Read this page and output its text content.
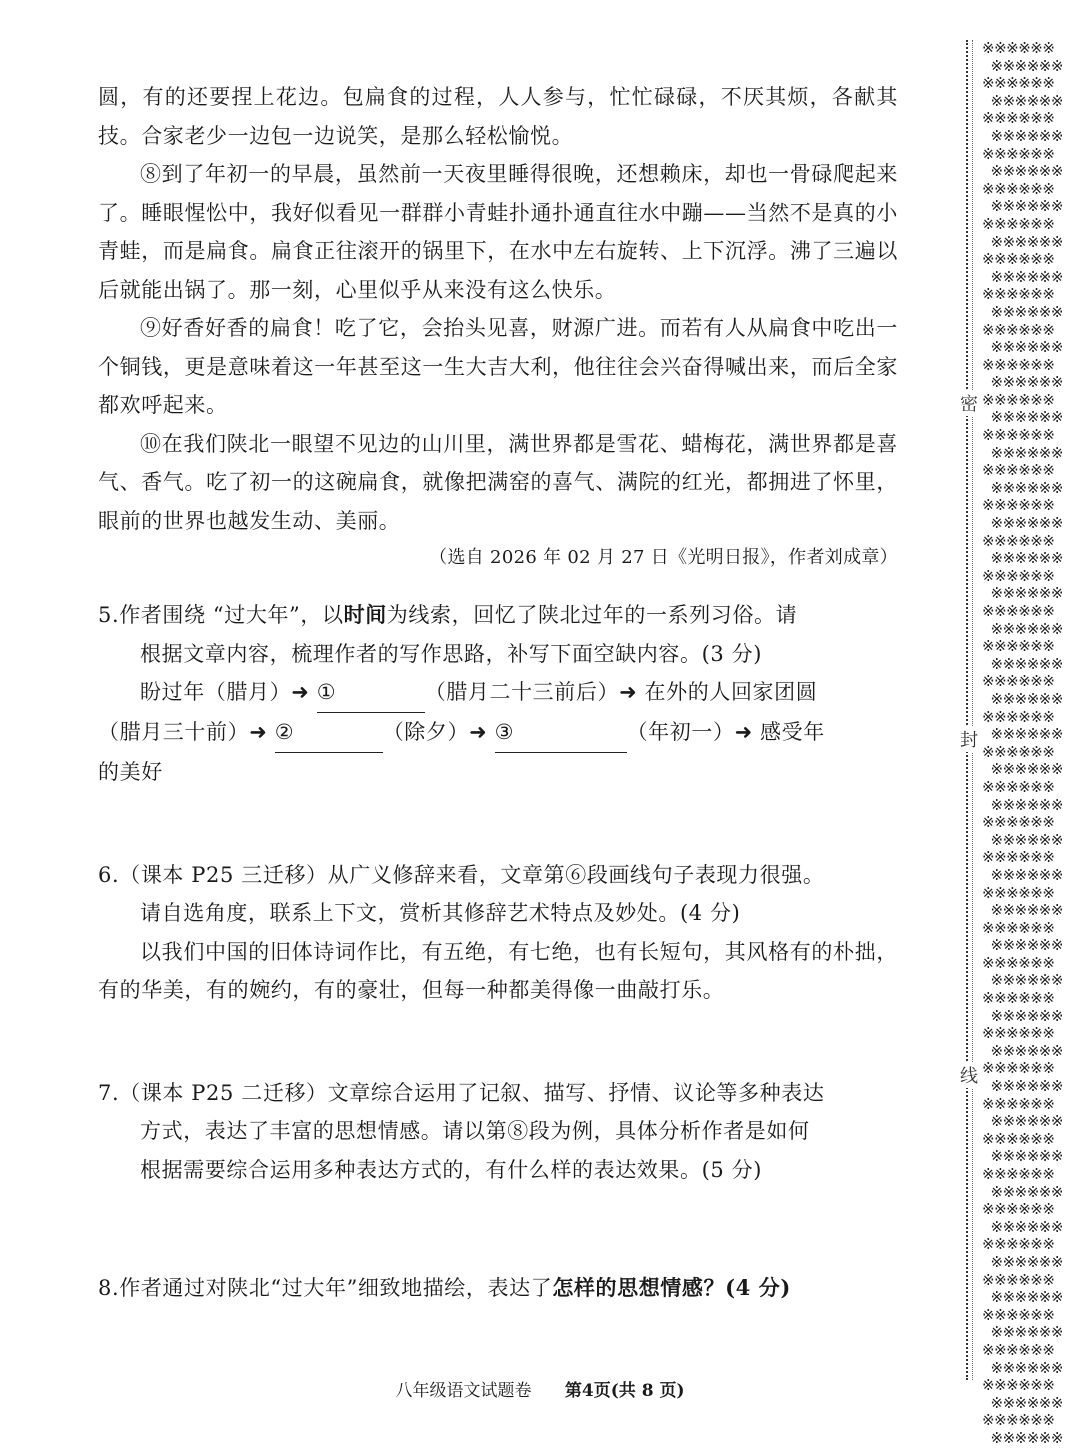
圆，有的还要捏上花边。包扁食的过程，人人参与，忙忙碌碌，不厌其烦，各献其技。合家老少一边包一边说笑，是那么轻松愉悦。

⑧到了年初一的早晨，虽然前一天夜里睡得很晚，还想赖床，却也一骨碌爬起来了。睡眼惺忪中，我好似看见一群群小青蛙扑通扑通直往水中蹦——当然不是真的小青蛙，而是扁食。扁食正往滚开的锅里下，在水中左右旋转、上下沉浮。沸了三遍以后就能出锅了。那一刻，心里似乎从来没有这么快乐。

⑨好香好香的扁食！吃了它，会抬头见喜，财源广进。而若有人从扁食中吃出一个铜钱，更是意味着这一年甚至这一生大吉大利，他往往会兴奋得喊出来，而后全家都欢呼起来。

⑩在我们陕北一眼望不见边的山川里，满世界都是雪花、蜡梅花，满世界都是喜气、香气。吃了初一的这碗扁食，就像把满窑的喜气、满院的红光，都拥进了怀里，眼前的世界也越发生动、美丽。

（选自 2026 年 02 月 27 日《光明日报》，作者刘成章）

5.作者围绕 “过大年”，以时间为线索，回忆了陕北过年的一系列习俗。请

根据文章内容，梳理作者的写作思路，补写下面空缺内容。(3 分)

盼过年（腊月）➜ ①	（腊月二十三前后）➜ 在外的人回家团圆

（腊月三十前）➜ ②	（除夕）➜ ③	（年初一）➜ 感受年

的美好

6.（课本 P25 三迁移）从广义修辞来看，文章第⑥段画线句子表现力很强。

请自选角度，联系上下文，赏析其修辞艺术特点及妙处。(4 分)

以我们中国的旧体诗词作比，有五绝，有七绝，也有长短句，其风格有的朴拙，有的华美，有的婉约，有的豪壮，但每一种都美得像一曲敲打乐。

7.（课本 P25 二迁移）文章综合运用了记叙、描写、抒情、议论等多种表达

方式，表达了丰富的思想情感。请以第⑧段为例，具体分析作者是如何

根据需要综合运用多种表达方式的，有什么样的表达效果。(5 分)

8.作者通过对陕北“过大年”细致地描绘，表达了怎样的思想情感？(4 分)

※※※※※※
※※※※※※
※※※※※※
※※※※※※
※※※※※※
※※※※※※
※※※※※※
※※※※※※
※※※※※※
※※※※※※
※※※※※※
※※※※※※
※※※※※※
※※※※※※
※※※※※※
※※※※※※
※※※※※※
※※※※※※
※※※※※※
※※※※※※
※※※※※※
※※※※※※
※※※※※※
※※※※※※
※※※※※※
※※※※※※
※※※※※※
※※※※※※
※※※※※※
※※※※※※
※※※※※※
※※※※※※
※※※※※※
※※※※※※
※※※※※※
※※※※※※
※※※※※※
※※※※※※
※※※※※※
※※※※※※
※※※※※※
※※※※※※
※※※※※※
※※※※※※
※※※※※※
※※※※※※
※※※※※※
※※※※※※
※※※※※※
※※※※※※
※※※※※※
※※※※※※
※※※※※※
※※※※※※
※※※※※※
※※※※※※
※※※※※※
※※※※※※
※※※※※※
※※※※※※
※※※※※※
※※※※※※
※※※※※※
※※※※※※
※※※※※※
※※※※※※
※※※※※※
※※※※※※
※※※※※※
※※※※※※
※※※※※※
※※※※※※
※※※※※※
※※※※※※
※※※※※※
※※※※※※
※※※※※※
※※※※※※
※※※※※※
※※※※※※
密
封
线
八年级语文试题卷 第4页(共 8 页)
